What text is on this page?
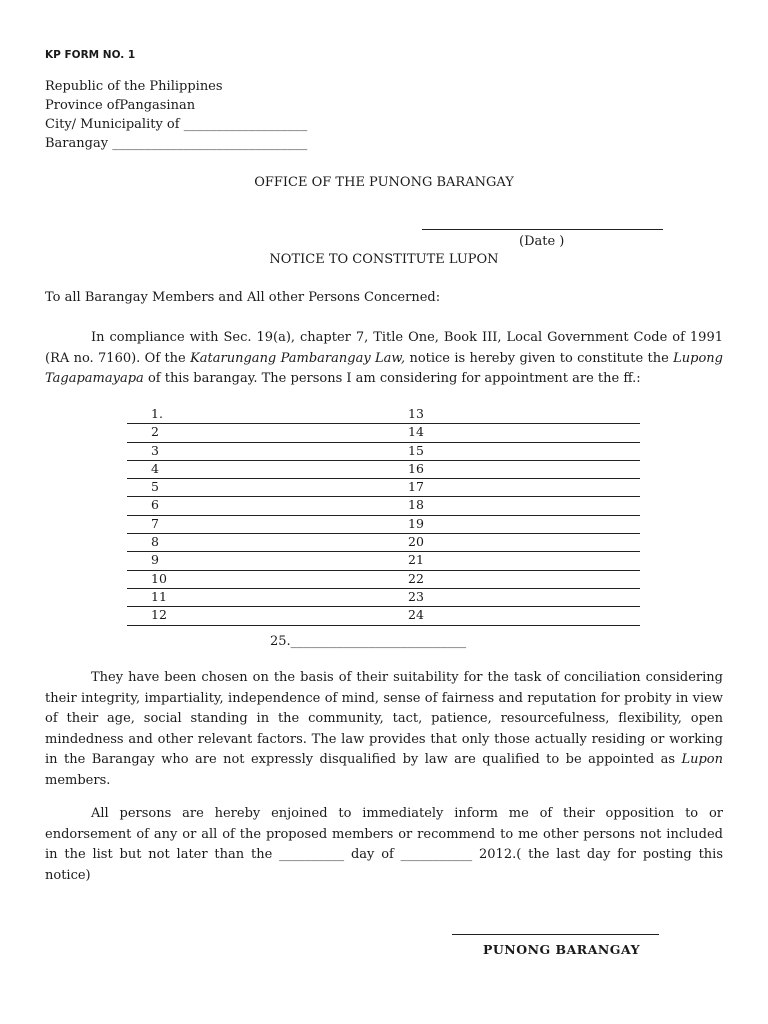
KP FORM NO. 1
Republic of the Philippines
Province ofPangasinan
City/ Municipality of ___________________
Barangay ______________________________
OFFICE OF THE PUNONG BARANGAY
(Date )
NOTICE TO CONSTITUTE LUPON
To all Barangay Members and All other Persons Concerned:
In compliance with Sec. 19(a), chapter 7, Title One, Book III, Local Government Code of 1991 (RA no. 7160). Of the Katarungang Pambarangay Law, notice is hereby given to constitute the Lupong Tagapamayapa of this barangay. The persons I am considering for appointment are the ff.:
1.	13
2	14
3	15
4	16
5	17
6	18
7	19
8	20
9	21
10	22
11	23
12	24
25.___________________________
They have been chosen on the basis of their suitability for the task of conciliation considering their integrity, impartiality, independence of mind, sense of fairness and reputation for probity in view of their age, social standing in the community, tact, patience, resourcefulness, flexibility, open mindedness and other relevant factors. The law provides that only those actually residing or working in the Barangay who are not expressly disqualified by law are qualified to be appointed as Lupon members.
All persons are hereby enjoined to immediately inform me of their opposition to or endorsement of any or all of the proposed members or recommend to me other persons not included in the list but not later than the __________ day of ___________ 2012.( the last day for posting this notice)
PUNONG BARANGAY
